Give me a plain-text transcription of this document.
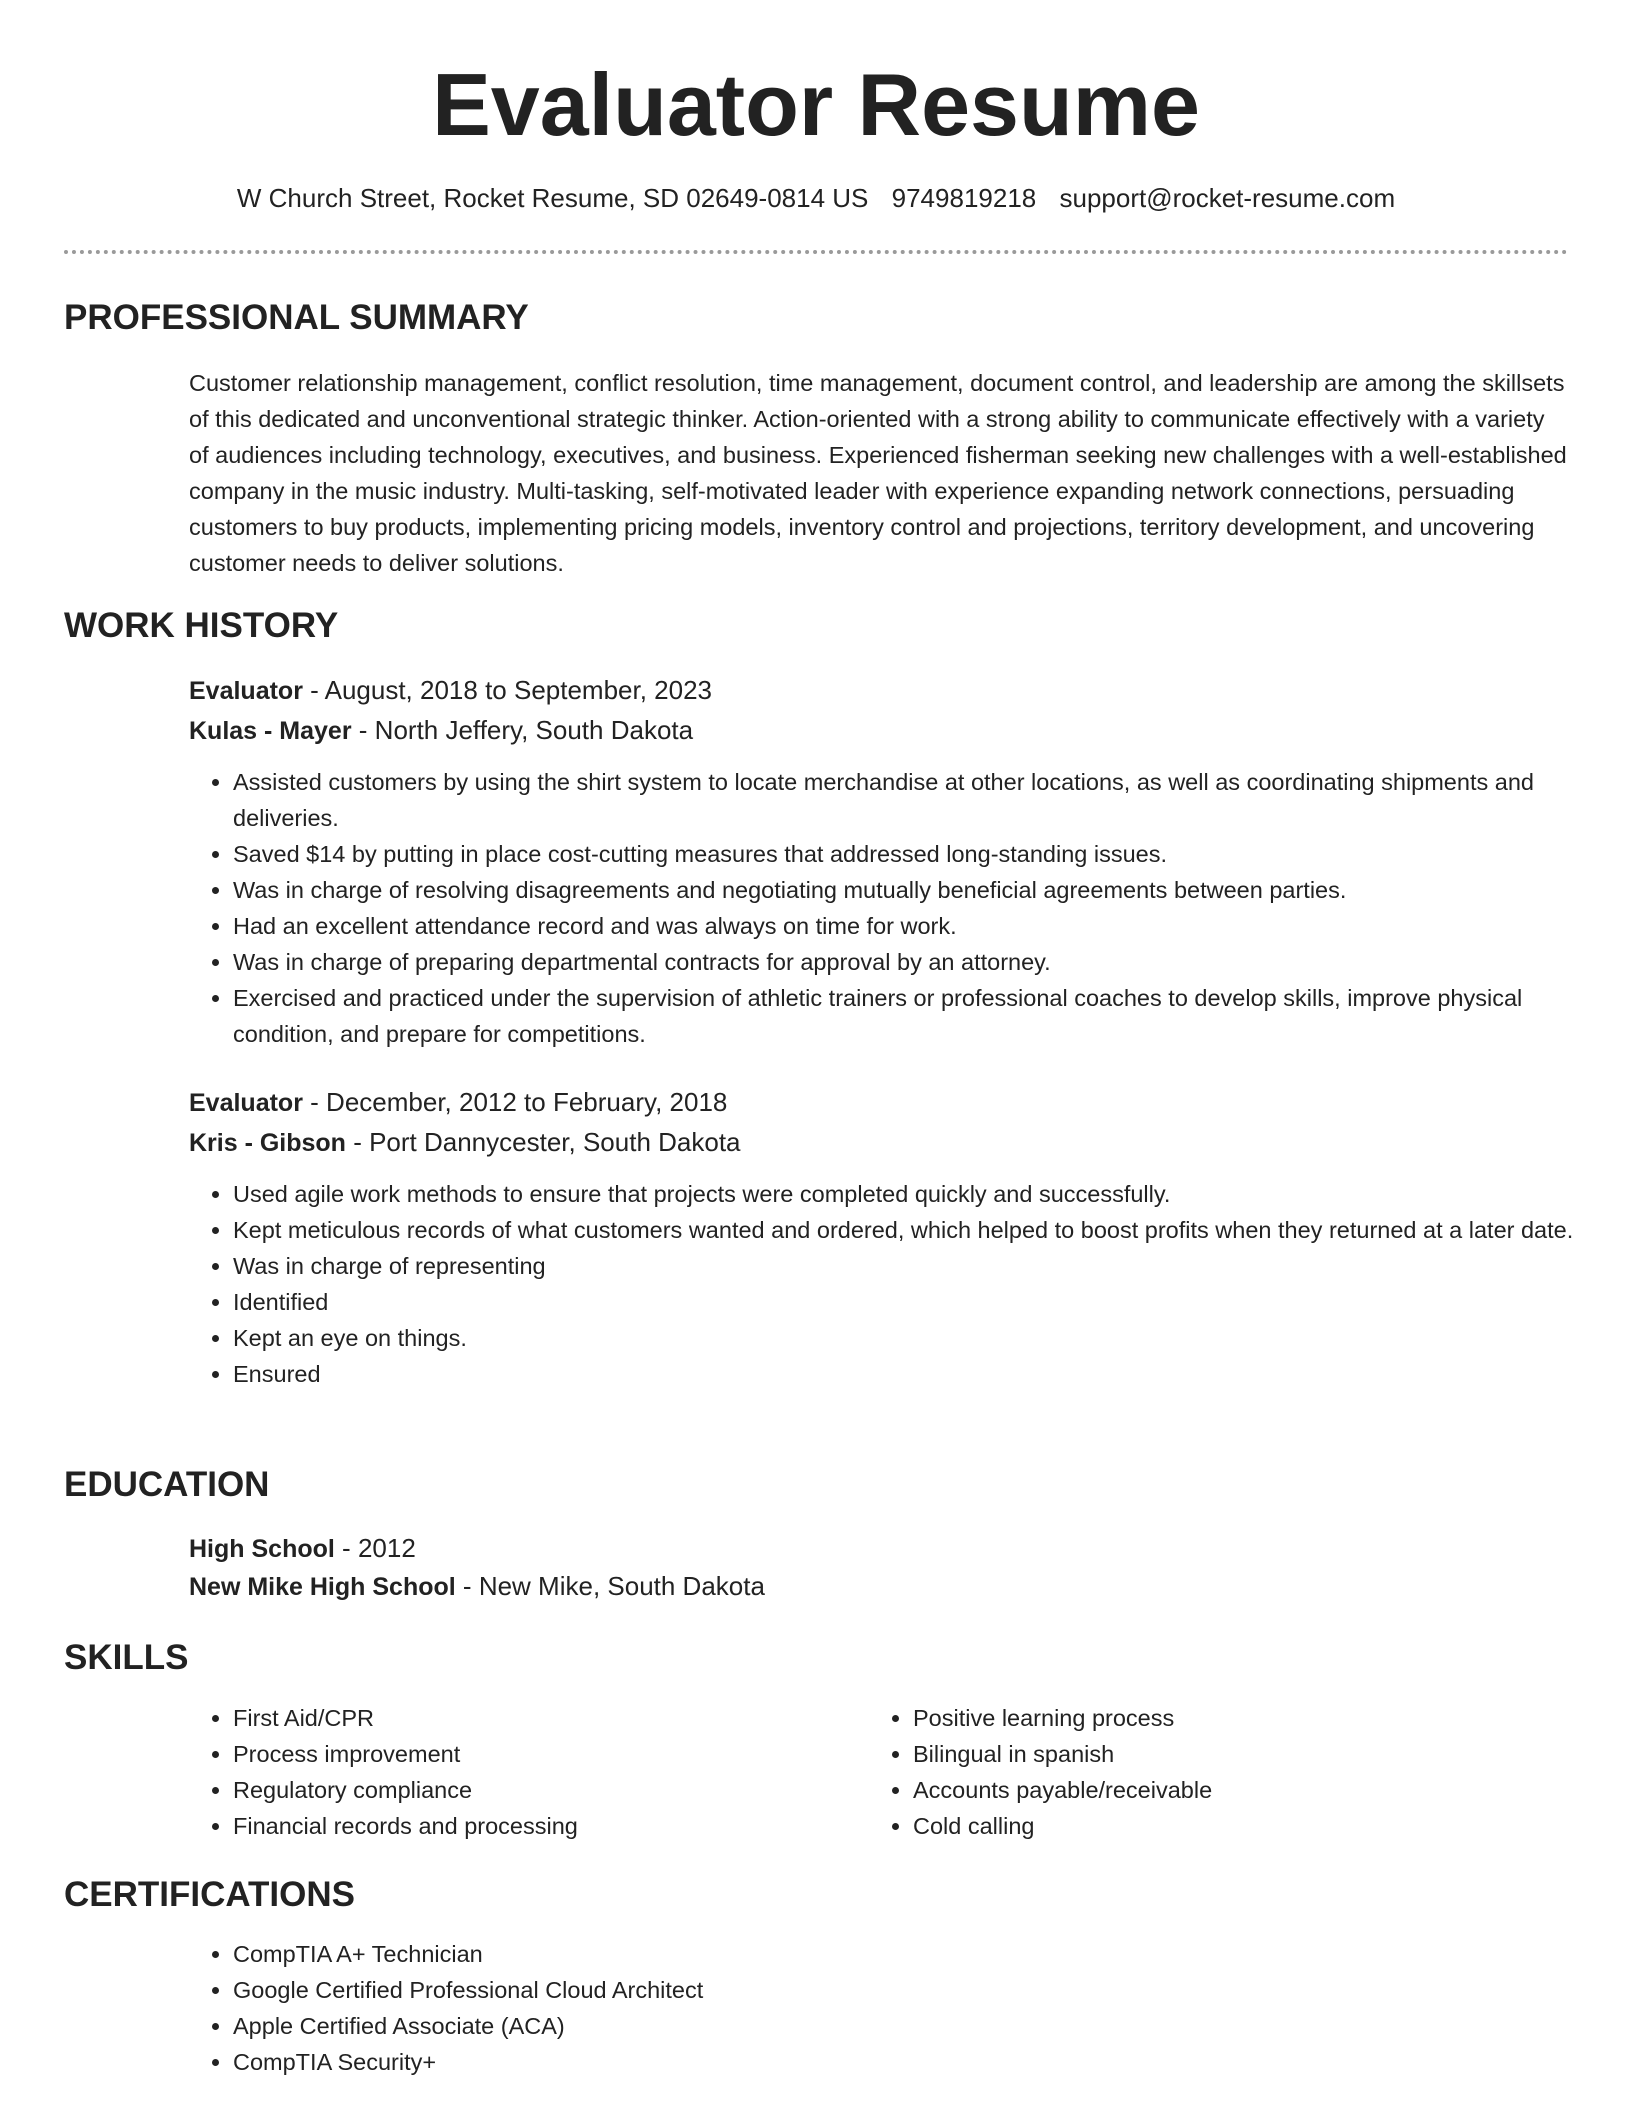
Evaluator Resume
W Church Street, Rocket Resume, SD 02649-0814 US 9749819218 support@rocket-resume.com
PROFESSIONAL SUMMARY

Customer relationship management, conflict resolution, time management, document control, and leadership are among the skillsets of this dedicated and unconventional strategic thinker. Action-oriented with a strong ability to communicate effectively with a variety of audiences including technology, executives, and business. Experienced fisherman seeking new challenges with a well-established company in the music industry. Multi-tasking, self-motivated leader with experience expanding network connections, persuading customers to buy products, implementing pricing models, inventory control and projections, territory development, and uncovering customer needs to deliver solutions.

WORK HISTORY
Evaluator - August, 2018 to September, 2023
Kulas - Mayer - North Jeffery, South Dakota
• Assisted customers by using the shirt system to locate merchandise at other locations, as well as coordinating shipments and deliveries.
• Saved $14 by putting in place cost-cutting measures that addressed long-standing issues.
• Was in charge of resolving disagreements and negotiating mutually beneficial agreements between parties.
• Had an excellent attendance record and was always on time for work.
• Was in charge of preparing departmental contracts for approval by an attorney.
• Exercised and practiced under the supervision of athletic trainers or professional coaches to develop skills, improve physical condition, and prepare for competitions.
Evaluator - December, 2012 to February, 2018
Kris - Gibson - Port Dannycester, South Dakota
• Used agile work methods to ensure that projects were completed quickly and successfully.
• Kept meticulous records of what customers wanted and ordered, which helped to boost profits when they returned at a later date.
• Was in charge of representing
• Identified
• Kept an eye on things.
• Ensured
EDUCATION
High School - 2012
New Mike High School - New Mike, South Dakota
SKILLS
• First Aid/CPR
• Process improvement
• Regulatory compliance
• Financial records and processing
• Positive learning process
• Bilingual in spanish
• Accounts payable/receivable
• Cold calling
CERTIFICATIONS
• CompTIA A+ Technician
• Google Certified Professional Cloud Architect
• Apple Certified Associate (ACA)
• CompTIA Security+
